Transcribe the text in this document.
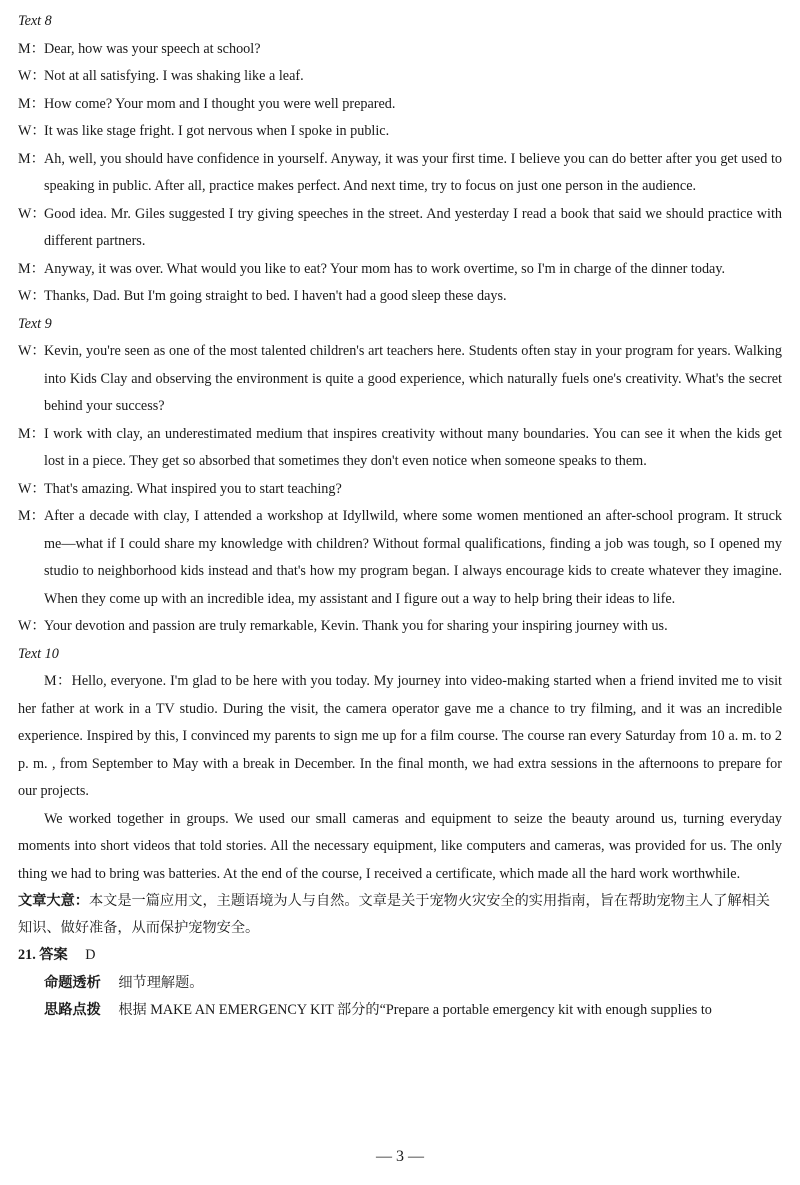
Text 8
M： Dear, how was your speech at school?
W：
Not at all satisfying. I was shaking like a leaf.
M： How come? Your mom and I thought you were well prepared.
W：
It was like stage fright. I got nervous when I spoke in public.
M： Ah, well, you should have confidence in yourself. Anyway, it was your first time. I believe you can do better after you get used to speaking in public. After all, practice makes perfect. And next time, try to focus on just one person in the audience.
W：
Good idea. Mr. Giles suggested I try giving speeches in the street. And yesterday I read a book that said we should practice with different partners.
M： Anyway, it was over. What would you like to eat? Your mom has to work overtime, so I'm in charge of the dinner today.
W：
Thanks, Dad. But I'm going straight to bed. I haven't had a good sleep these days.
Text 9
W：
Kevin, you're seen as one of the most talented children's art teachers here. Students often stay in your program for years. Walking into Kids Clay and observing the environment is quite a good experience, which naturally fuels one's creativity. What's the secret behind your success?
M： I work with clay, an underestimated medium that inspires creativity without many boundaries. You can see it when the kids get lost in a piece. They get so absorbed that sometimes they don't even notice when someone speaks to them.
W：
That's amazing. What inspired you to start teaching?
M： After a decade with clay, I attended a workshop at Idyllwild, where some women mentioned an after-school program. It struck me—what if I could share my knowledge with children? Without formal qualifications, finding a job was tough, so I opened my studio to neighborhood kids instead and that's how my program began. I always encourage kids to create whatever they imagine. When they come up with an incredible idea, my assistant and I figure out a way to help bring their ideas to life.
W：
Your devotion and passion are truly remarkable, Kevin. Thank you for sharing your inspiring journey with us.
Text 10
M：Hello, everyone. I'm glad to be here with you today. My journey into video-making started when a friend invited me to visit her father at work in a TV studio. During the visit, the camera operator gave me a chance to try filming, and it was an incredible experience. Inspired by this, I convinced my parents to sign me up for a film course. The course ran every Saturday from 10 a. m. to 2 p. m. , from September to May with a break in December. In the final month, we had extra sessions in the afternoons to prepare for our projects.
We worked together in groups. We used our small cameras and equipment to seize the beauty around us, turning everyday moments into short videos that told stories. All the necessary equipment, like computers and cameras, was provided for us. The only thing we had to bring was batteries. At the end of the course, I received a certificate, which made all the hard work worthwhile.
文章大意：本文是一篇应用文，主题语境为人与自然。文章是关于宠物火灾安全的实用指南，旨在帮助宠物主人了解相关知识、做好准备，从而保护宠物安全。
21. 答案 D
命题透析 细节理解题。
思路点拨 根据 MAKE AN EMERGENCY KIT 部分的“Prepare a portable emergency kit with enough supplies to
— 3 —
